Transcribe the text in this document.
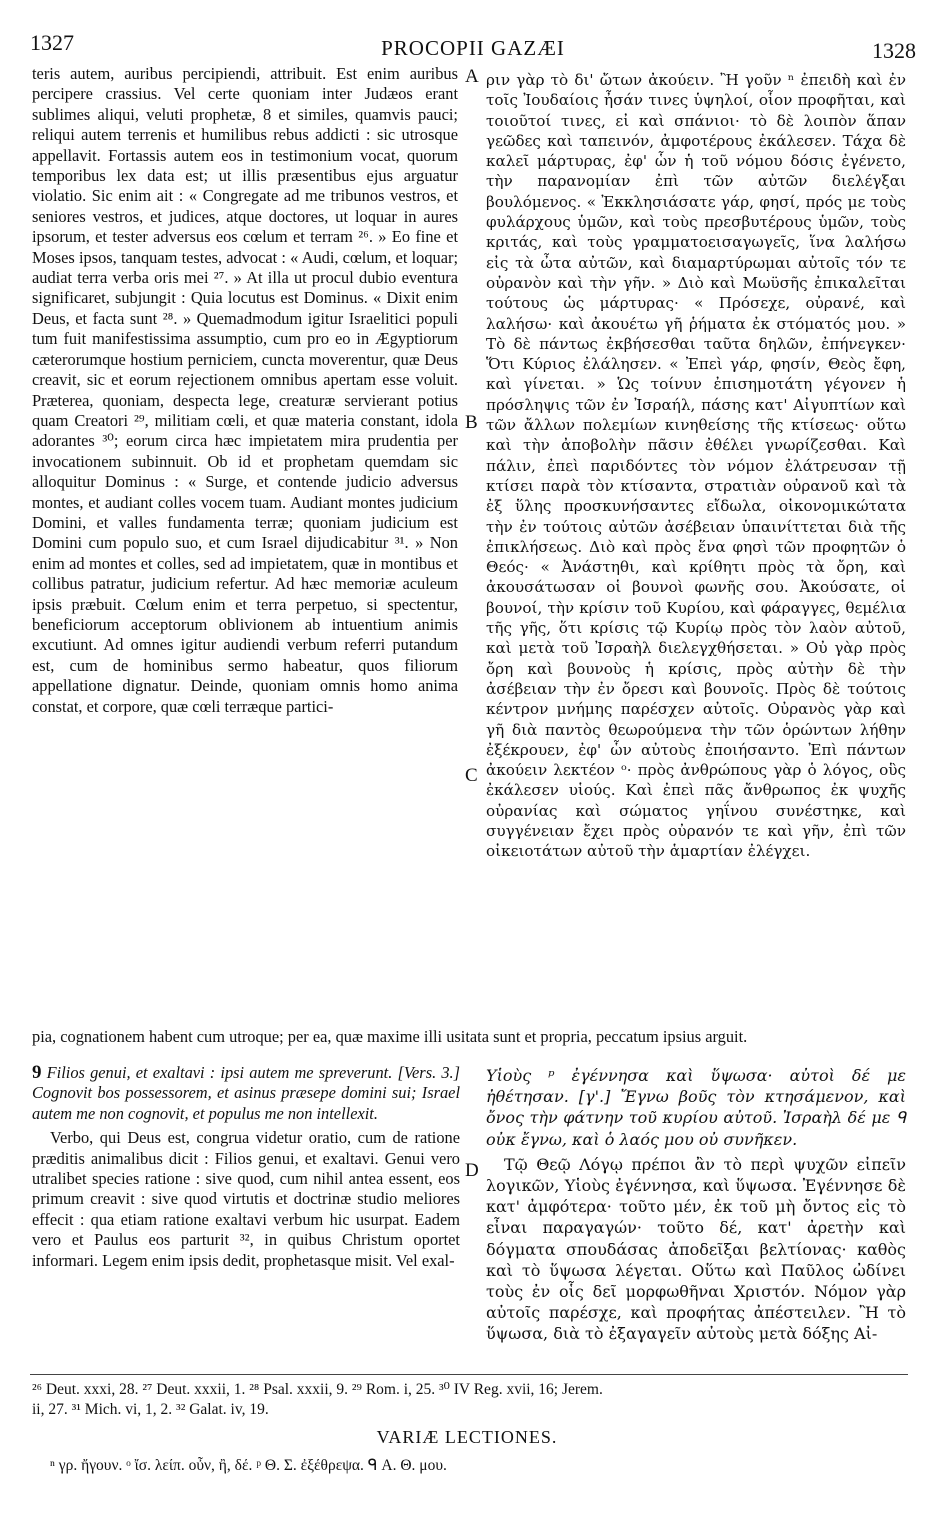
1327	PROCOPII GAZÆI	1328

teris autem, auribus percipiendi, attribuit. Est enim auribus percipere crassius. Vel certe quoniam inter Judæos erant sublimes aliqui, veluti prophetæ, 8 et similes, quamvis pauci; reliqui autem terrenis et humilibus rebus addicti : sic utrosque appellavit. Fortassis autem eos in testimonium vocat, quorum temporibus lex data est; ut illis præsentibus ejus arguatur violatio. Sic enim ait : « Congregate ad me tribunos vestros, et seniores vestros, et judices, atque doctores, ut loquar in aures ipsorum, et tester adversus eos cœlum et terram ²⁶. » Eo fine et Moses ipsos, tanquam testes, advocat : « Audi, cœlum, et loquar; audiat terra verba oris mei ²⁷. » At illa ut procul dubio eventura significaret, subjungit : Quia locutus est Dominus. « Dixit enim Deus, et facta sunt ²⁸. » Quemadmodum igitur Israelitici populi tum fuit manifestissima assumptio, cum pro eo in Ægyptiorum cæterorumque hostium perniciem, cuncta moverentur, quæ Deus creavit, sic et eorum rejectionem omnibus apertam esse voluit. Præterea, quoniam, despecta lege, creaturæ servierant potius quam Creatori ²⁹, militiam cœli, et quæ materia constant, idola adorantes ³⁰; eorum circa hæc impietatem mira prudentia per invocationem subinnuit. Ob id et prophetam quemdam sic alloquitur Dominus : « Surge, et contende judicio adversus montes, et audiant colles vocem tuam. Audiant montes judicium Domini, et valles fundamenta terræ; quoniam judicium est Domini cum populo suo, et cum Israel dijudicabitur ³¹. » Non enim ad montes et colles, sed ad impietatem, quæ in montibus et collibus patratur, judicium refertur. Ad hæc memoriæ aculeum ipsis præbuit. Cœlum enim et terra perpetuo, si spectentur, beneficiorum acceptorum oblivionem ab intuentium animis excutiunt. Ad omnes igitur audiendi verbum referri putandum est, cum de hominibus sermo habeatur, quos filiorum appellatione dignatur. Deinde, quoniam omnis homo anima constat, et corpore, quæ cœli terræque partici-

ριν γὰρ τὸ δι' ὤτων ἀκούειν. Ἢ γοῦν ⁿ ἐπειδὴ καὶ ἐν τοῖς Ἰουδαίοις ἦσάν τινες ὑψηλοί, οἷον προφῆται, καὶ τοιοῦτοί τινες, εἰ καὶ σπάνιοι· τὸ δὲ λοιπὸν ἅπαν γεῶδες καὶ ταπεινόν, ἀμφοτέρους ἐκάλεσεν. Τάχα δὲ καλεῖ μάρτυρας, ἐφ' ὧν ἡ τοῦ νόμου δόσις ἐγένετο, τὴν παρανομίαν ἐπὶ τῶν αὐτῶν διελέγξαι βουλόμενος. « Ἐκκλησιάσατε γάρ, φησί, πρός με τοὺς φυλάρχους ὑμῶν, καὶ τοὺς πρεσβυτέρους ὑμῶν, τοὺς κριτάς, καὶ τοὺς γραμματοεισαγωγεῖς, ἵνα λαλήσω εἰς τὰ ὦτα αὐτῶν, καὶ διαμαρτύρωμαι αὐτοῖς τόν τε οὐρανὸν καὶ τὴν γῆν. » Διὸ καὶ Μωϋσῆς ἐπικαλεῖται τούτους ὡς μάρτυρας· « Πρόσεχε, οὐρανέ, καὶ λαλήσω· καὶ ἀκουέτω γῆ ῥήματα ἐκ στόματός μου. » Τὸ δὲ πάντως ἐκβήσεσθαι ταῦτα δηλῶν, ἐπήνεγκεν· Ὅτι Κύριος ἐλάλησεν. « Ἐπεὶ γάρ, φησίν, Θεὸς ἔφη, καὶ γίνεται. » Ὡς τοίνυν ἐπισημοτάτη γέγονεν ἡ πρόσληψις τῶν ἐν Ἰσραήλ, πάσης κατ' Αἰγυπτίων καὶ τῶν ἄλλων πολεμίων κινηθείσης τῆς κτίσεως· οὕτω καὶ τὴν ἀποβολὴν πᾶσιν ἐθέλει γνωρίζεσθαι. Καὶ πάλιν, ἐπεὶ παριδόντες τὸν νόμον ἐλάτρευσαν τῇ κτίσει παρὰ τὸν κτίσαντα, στρατιὰν οὐρανοῦ καὶ τὰ ἐξ ὕλης προσκυνήσαντες εἴδωλα, οἰκονομικώτατα τὴν ἐν τούτοις αὐτῶν ἀσέβειαν ὑπαινίττεται διὰ τῆς ἐπικλήσεως. Διὸ καὶ πρὸς ἕνα φησὶ τῶν προφητῶν ὁ Θεός· « Ἀνάστηθι, καὶ κρίθητι πρὸς τὰ ὄρη, καὶ ἀκουσάτωσαν οἱ βουνοὶ φωνῆς σου. Ἀκούσατε, οἱ βουνοί, τὴν κρίσιν τοῦ Κυρίου, καὶ φάραγγες, θεμέλια τῆς γῆς, ὅτι κρίσις τῷ Κυρίῳ πρὸς τὸν λαὸν αὐτοῦ, καὶ μετὰ τοῦ Ἰσραὴλ διελεγχθήσεται. » Οὐ γὰρ πρὸς ὄρη καὶ βουνοὺς ἡ κρίσις, πρὸς αὐτὴν δὲ τὴν ἀσέβειαν τὴν ἐν ὄρεσι καὶ βουνοῖς. Πρὸς δὲ τούτοις κέντρον μνήμης παρέσχεν αὐτοῖς. Οὐρανὸς γὰρ καὶ γῆ διὰ παντὸς θεωρούμενα τὴν τῶν ὁρώντων λήθην ἐξέκρουεν, ἐφ' ὧν αὐτοὺς ἐποιήσαντο. Ἐπὶ πάντων ἀκούειν λεκτέον ᵒ· πρὸς ἀνθρώπους γὰρ ὁ λόγος, οὓς ἐκάλεσεν υἱούς. Καὶ ἐπεὶ πᾶς ἄνθρωπος ἐκ ψυχῆς οὐρανίας καὶ σώματος γηΐνου συνέστηκε, καὶ συγγένειαν ἔχει πρὸς οὐρανόν τε καὶ γῆν, ἐπὶ τῶν οἰκειοτάτων αὐτοῦ τὴν ἁμαρτίαν ἐλέγχει.

A
B
C
D

pia, cognationem habent cum utroque; per ea, quæ maxime illi usitata sunt et propria, peccatum ipsius arguit.

9 Filios genui, et exaltavi : ipsi autem me spreverunt. [Vers. 3.] Cognovit bos possessorem, et asinus præsepe domini sui; Israel autem me non cognovit, et populus me non intellexit.

Verbo, qui Deus est, congrua videtur oratio, cum de ratione præditis animalibus dicit : Filios genui, et exaltavi. Genui vero utralibet species ratione : sive quod, cum nihil antea essent, eos primum creavit : sive quod virtutis et doctrinæ studio meliores effecit : qua etiam ratione exaltavi verbum hic usurpat. Eadem vero et Paulus eos parturit ³², in quibus Christum oportet informari. Legem enim ipsis dedit, prophetasque misit. Vel exal-

Υἱοὺς ᵖ ἐγέννησα καὶ ὕψωσα· αὐτοὶ δέ με ἠθέτησαν. [γ'.] Ἔγνω βοῦς τὸν κτησάμενον, καὶ ὄνος τὴν φάτνην τοῦ κυρίου αὐτοῦ. Ἰσραὴλ δέ με ᑫ οὐκ ἔγνω, καὶ ὁ λαός μου οὐ συνῆκεν.

Τῷ Θεῷ Λόγῳ πρέποι ἂν τὸ περὶ ψυχῶν εἰπεῖν λογικῶν, Υἱοὺς ἐγέννησα, καὶ ὕψωσα. Ἐγέννησε δὲ κατ' ἀμφότερα· τοῦτο μέν, ἐκ τοῦ μὴ ὄντος εἰς τὸ εἶναι παραγαγών· τοῦτο δέ, κατ' ἀρετὴν καὶ δόγματα σπουδάσας ἀποδεῖξαι βελτίονας· καθὸς καὶ τὸ ὕψωσα λέγεται. Οὕτω καὶ Παῦλος ὠδίνει τοὺς ἐν οἷς δεῖ μορφωθῆναι Χριστόν. Νόμον γὰρ αὐτοῖς παρέσχε, καὶ προφήτας ἀπέστειλεν. Ἢ τὸ ὕψωσα, διὰ τὸ ἐξαγαγεῖν αὐτοὺς μετὰ δόξης Αἰ-

²⁶ Deut. xxxi, 28. ²⁷ Deut. xxxii, 1. ²⁸ Psal. xxxii, 9. ²⁹ Rom. i, 25. ³⁰ IV Reg. xvii, 16; Jerem.

ii, 27. ³¹ Mich. vi, 1, 2. ³² Galat. iv, 19.

VARIÆ LECTIONES.

ⁿ γρ. ἤγουν. ᵒ ἴσ. λείπ. οὖν, ἢ, δέ. ᵖ Θ. Σ. ἐξέθρεψα. ᑫ Α. Θ. μου.
